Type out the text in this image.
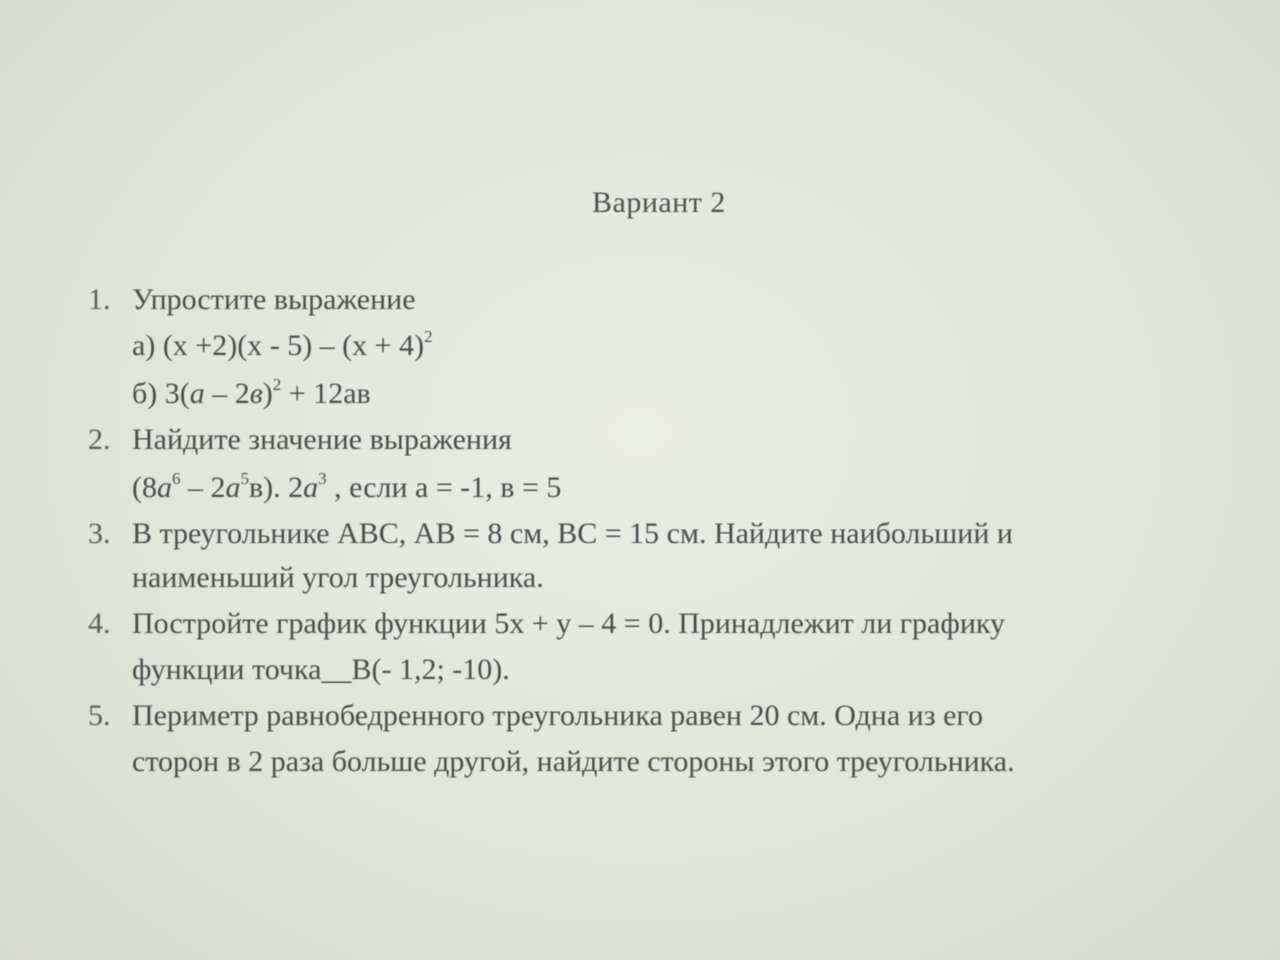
Вариант 2
1. Упростите выражение
а) $(x +2)(x - 5) - (x + 4)^2$
б) 3(a – 2в)$^2$ + 12ав
2. Найдите значение выражения
$(8a^6 - 2a^5в)$. $2a^3$ , если а = -1, в = 5
3. В треугольнике АВС, АВ = 8 см, ВС = 15 см. Найдите наибольший и
наименьший угол треугольника.
4. Постройте график функции 5x + y – 4 = 0. Принадлежит ли графику
функции точка__В(- 1,2; -10).
5. Периметр равнобедренного треугольника равен 20 см. Одна из его
сторон в 2 раза больше другой, найдите стороны этого треугольника.
